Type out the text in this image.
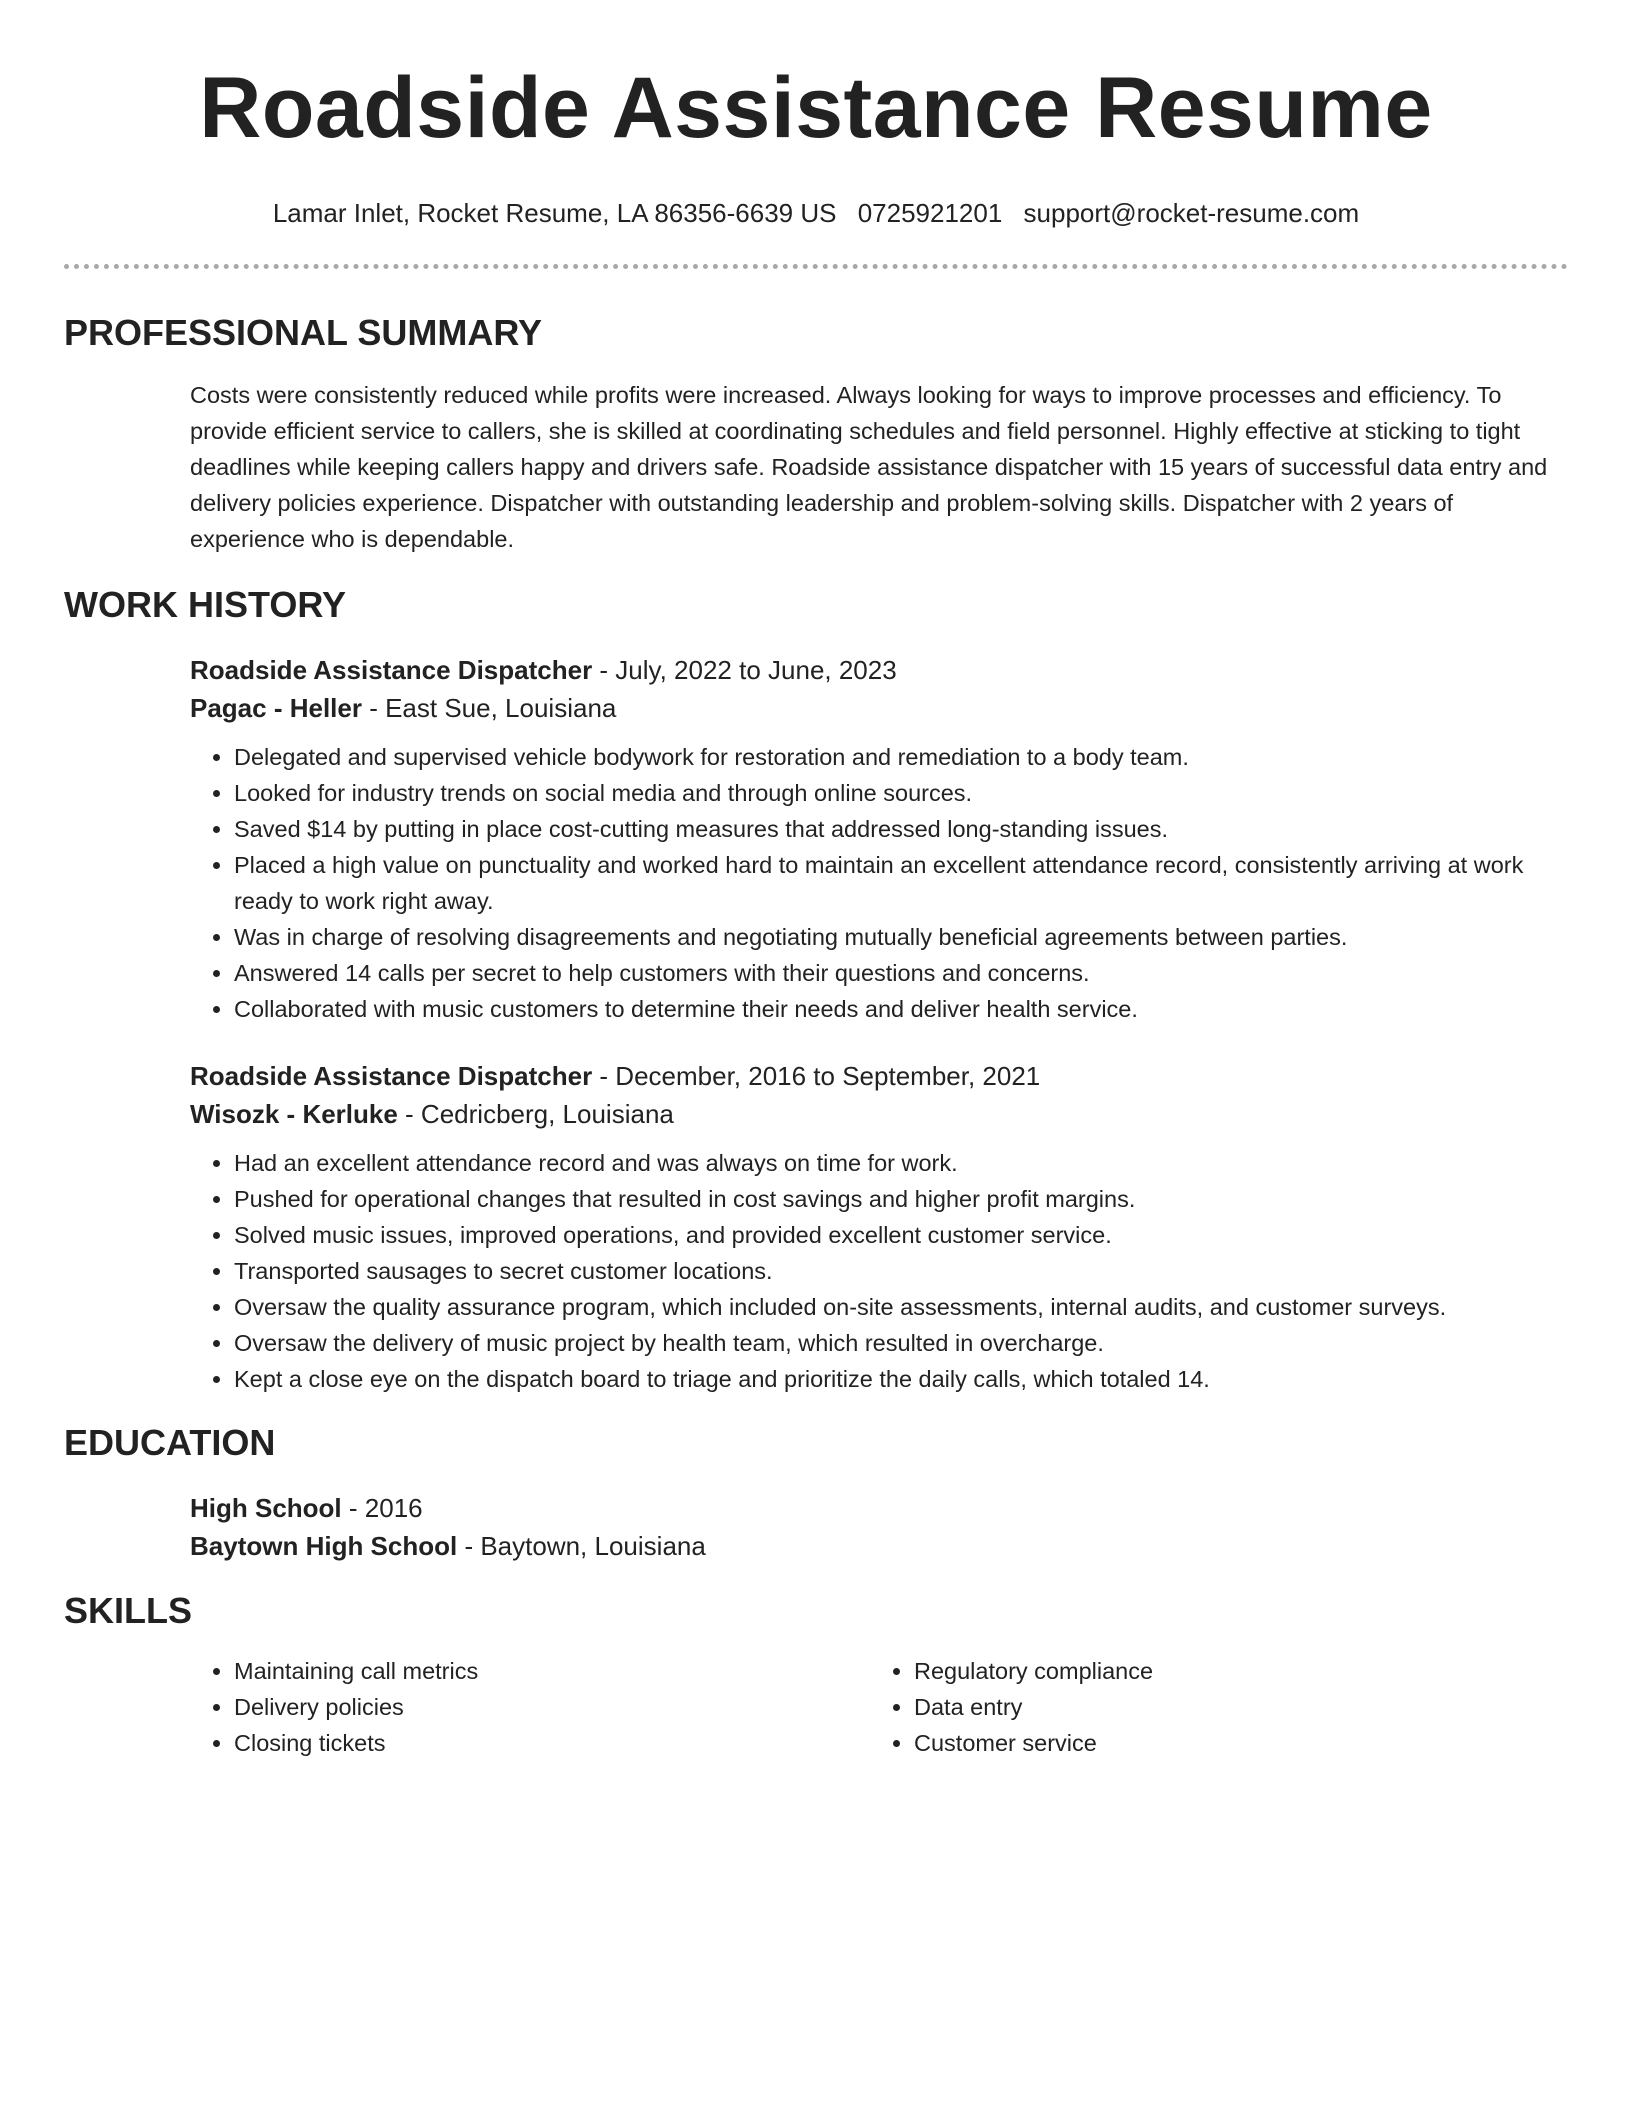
Roadside Assistance Resume
Lamar Inlet, Rocket Resume, LA 86356-6639 US 0725921201 support@rocket-resume.com
PROFESSIONAL SUMMARY
Costs were consistently reduced while profits were increased. Always looking for ways to improve processes and efficiency. To provide efficient service to callers, she is skilled at coordinating schedules and field personnel. Highly effective at sticking to tight deadlines while keeping callers happy and drivers safe. Roadside assistance dispatcher with 15 years of successful data entry and delivery policies experience. Dispatcher with outstanding leadership and problem-solving skills. Dispatcher with 2 years of experience who is dependable.
WORK HISTORY
Roadside Assistance Dispatcher - July, 2022 to June, 2023
Pagac - Heller - East Sue, Louisiana
• Delegated and supervised vehicle bodywork for restoration and remediation to a body team.
• Looked for industry trends on social media and through online sources.
• Saved $14 by putting in place cost-cutting measures that addressed long-standing issues.
• Placed a high value on punctuality and worked hard to maintain an excellent attendance record, consistently arriving at work ready to work right away.
• Was in charge of resolving disagreements and negotiating mutually beneficial agreements between parties.
• Answered 14 calls per secret to help customers with their questions and concerns.
• Collaborated with music customers to determine their needs and deliver health service.
Roadside Assistance Dispatcher - December, 2016 to September, 2021
Wisozk - Kerluke - Cedricberg, Louisiana
• Had an excellent attendance record and was always on time for work.
• Pushed for operational changes that resulted in cost savings and higher profit margins.
• Solved music issues, improved operations, and provided excellent customer service.
• Transported sausages to secret customer locations.
• Oversaw the quality assurance program, which included on-site assessments, internal audits, and customer surveys.
• Oversaw the delivery of music project by health team, which resulted in overcharge.
• Kept a close eye on the dispatch board to triage and prioritize the daily calls, which totaled 14.
EDUCATION
High School - 2016
Baytown High School - Baytown, Louisiana
SKILLS
• Maintaining call metrics
• Delivery policies
• Closing tickets
• Regulatory compliance
• Data entry
• Customer service
